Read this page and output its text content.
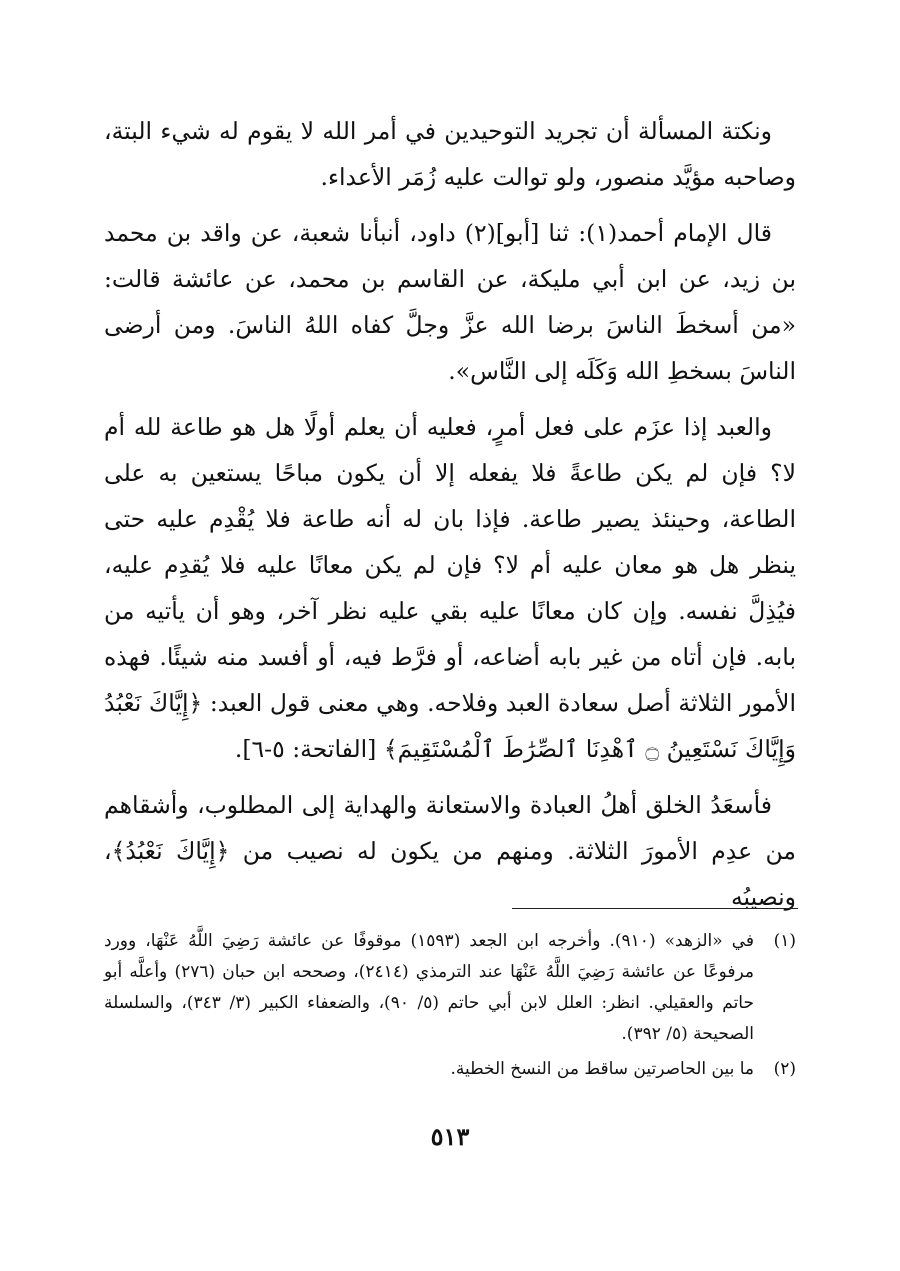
ونكتة المسألة أن تجريد التوحيدين في أمر الله لا يقوم له شيء البتة، وصاحبه مؤيَّد منصور، ولو توالت عليه زُمَر الأعداء.

قال الإمام أحمد(١): ثنا [أبو](٢) داود، أنبأنا شعبة، عن واقد بن محمد بن زيد، عن ابن أبي مليكة، عن القاسم بن محمد، عن عائشة قالت: «من أسخطَ الناسَ برضا الله عزَّ وجلَّ كفاه اللهُ الناسَ. ومن أرضى الناسَ بسخطِ الله وَكَلَه إلى النَّاس».

والعبد إذا عزَم على فعل أمرٍ، فعليه أن يعلم أولًا هل هو طاعة لله أم لا؟ فإن لم يكن طاعةً فلا يفعله إلا أن يكون مباحًا يستعين به على الطاعة، وحينئذ يصير طاعة. فإذا بان له أنه طاعة فلا يُقْدِم عليه حتى ينظر هل هو معان عليه أم لا؟ فإن لم يكن معانًا عليه فلا يُقدِم عليه، فيُذِلَّ نفسه. وإن كان معانًا عليه بقي عليه نظر آخر، وهو أن يأتيه من بابه. فإن أتاه من غير بابه أضاعه، أو فرَّط فيه، أو أفسد منه شيئًا. فهذه الأمور الثلاثة أصل سعادة العبد وفلاحه. وهي معنى قول العبد: ﴿إِيَّاكَ نَعْبُدُ وَإِيَّاكَ نَسْتَعِينُ ۝ ٱهْدِنَا ٱلصِّرَٰطَ ٱلْمُسْتَقِيمَ﴾ [الفاتحة: ٥-٦].

فأسعَدُ الخلق أهلُ العبادة والاستعانة والهداية إلى المطلوب، وأشقاهم من عدِم الأمورَ الثلاثة. ومنهم من يكون له نصيب من ﴿إِيَّاكَ نَعْبُدُ﴾، ونصيبُه

(١)
في «الزهد» (٩١٠). وأخرجه ابن الجعد (١٥٩٣) موقوفًا عن عائشة رَضِيَ اللَّهُ عَنْهَا، وورد مرفوعًا عن عائشة رَضِيَ اللَّهُ عَنْهَا عند الترمذي (٢٤١٤)، وصححه ابن حبان (٢٧٦) وأعلَّه أبو حاتم والعقيلي. انظر: العلل لابن أبي حاتم (٥/ ٩٠)، والضعفاء الكبير (٣/ ٣٤٣)، والسلسلة الصحيحة (٥/ ٣٩٢).
(٢)
ما بين الحاصرتين ساقط من النسخ الخطية.
٥١٣
